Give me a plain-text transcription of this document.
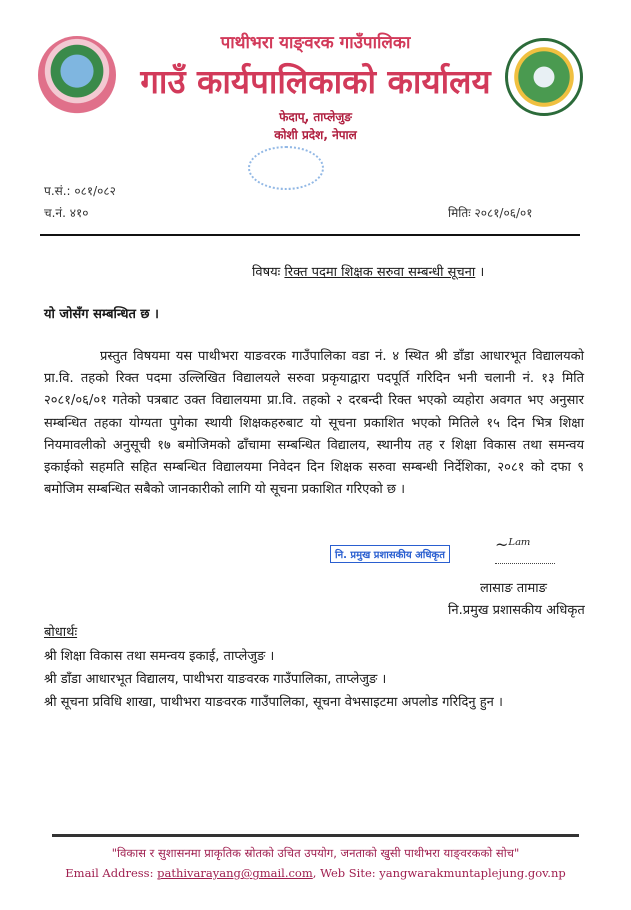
पाथीभरा याङ्वरक गाउँपालिका
गाउँ कार्यपालिकाको कार्यालय
फेदाप्, ताप्लेजुङ
कोशी प्रदेश, नेपाल
प.सं.: ०८१/०८२
च.नं. ४१०	मितिः २०८१/०६/०१
विषयः रिक्त पदमा शिक्षक सरुवा सम्बन्धी सूचना ।
यो जोसँग सम्बन्धित छ ।
प्रस्तुत विषयमा यस पाथीभरा याङवरक गाउँपालिका वडा नं. ४ स्थित श्री डाँडा आधारभूत विद्यालयको प्रा.वि. तहको रिक्त पदमा उल्लिखित विद्यालयले सरुवा प्रकृयाद्वारा पदपूर्ति गरिदिन भनी चलानी नं. १३ मिति २०८१/०६/०१ गतेको पत्रबाट उक्त विद्यालयमा प्रा.वि. तहको २ दरबन्दी रिक्त भएको व्यहोरा अवगत भए अनुसार सम्बन्धित तहका योग्यता पुगेका स्थायी शिक्षकहरुबाट यो सूचना प्रकाशित भएको मितिले १५ दिन भित्र शिक्षा नियमावलीको अनुसूची १७ बमोजिमको ढाँचामा सम्बन्धित विद्यालय, स्थानीय तह र शिक्षा विकास तथा समन्वय इकाईको सहमति सहित सम्बन्धित विद्यालयमा निवेदन दिन शिक्षक सरुवा सम्बन्धी निर्देशिका, २०८१ को दफा ९ बमोजिम सम्बन्धित सबैको जानकारीको लागि यो सूचना प्रकाशित गरिएको छ ।
~ᴸᵃᵐ
नि. प्रमुख प्रशासकीय अधिकृत
लासाङ तामाङ
नि.प्रमुख प्रशासकीय अधिकृत
बोधार्थः
श्री शिक्षा विकास तथा समन्वय इकाई, ताप्लेजुङ ।
श्री डाँडा आधारभूत विद्यालय, पाथीभरा याङवरक गाउँपालिका, ताप्लेजुङ ।
श्री सूचना प्रविधि शाखा, पाथीभरा याङवरक गाउँपालिका, सूचना वेभसाइटमा अपलोड गरिदिनु हुन ।
"विकास र सुशासनमा प्राकृतिक स्रोतको उचित उपयोग, जनताको खुसी पाथीभरा याङ्वरकको सोच"
Email Address: pathivarayang@gmail.com, Web Site: yangwarakmuntaplejung.gov.np
